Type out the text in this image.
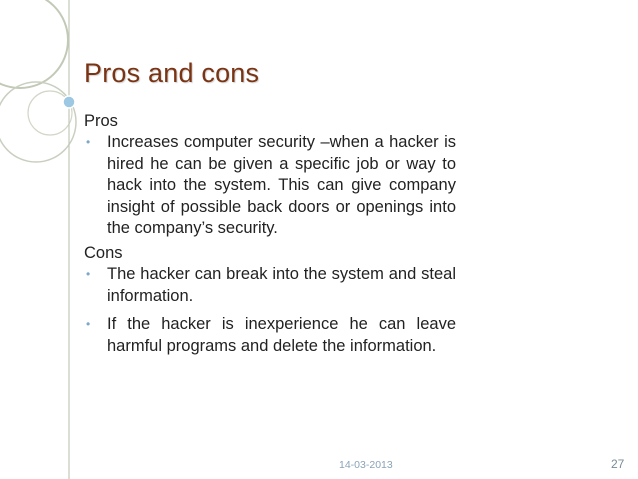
Pros and cons

Pros

• Increases computer security –when a hacker is hired he can be given a specific job or way to hack into the system. This can give company insight of possible back doors or openings into the company’s security.

Cons

• The hacker can break into the system and steal information.
• If the hacker is inexperience he can leave harmful programs and delete the information.
14-03-2013	27
